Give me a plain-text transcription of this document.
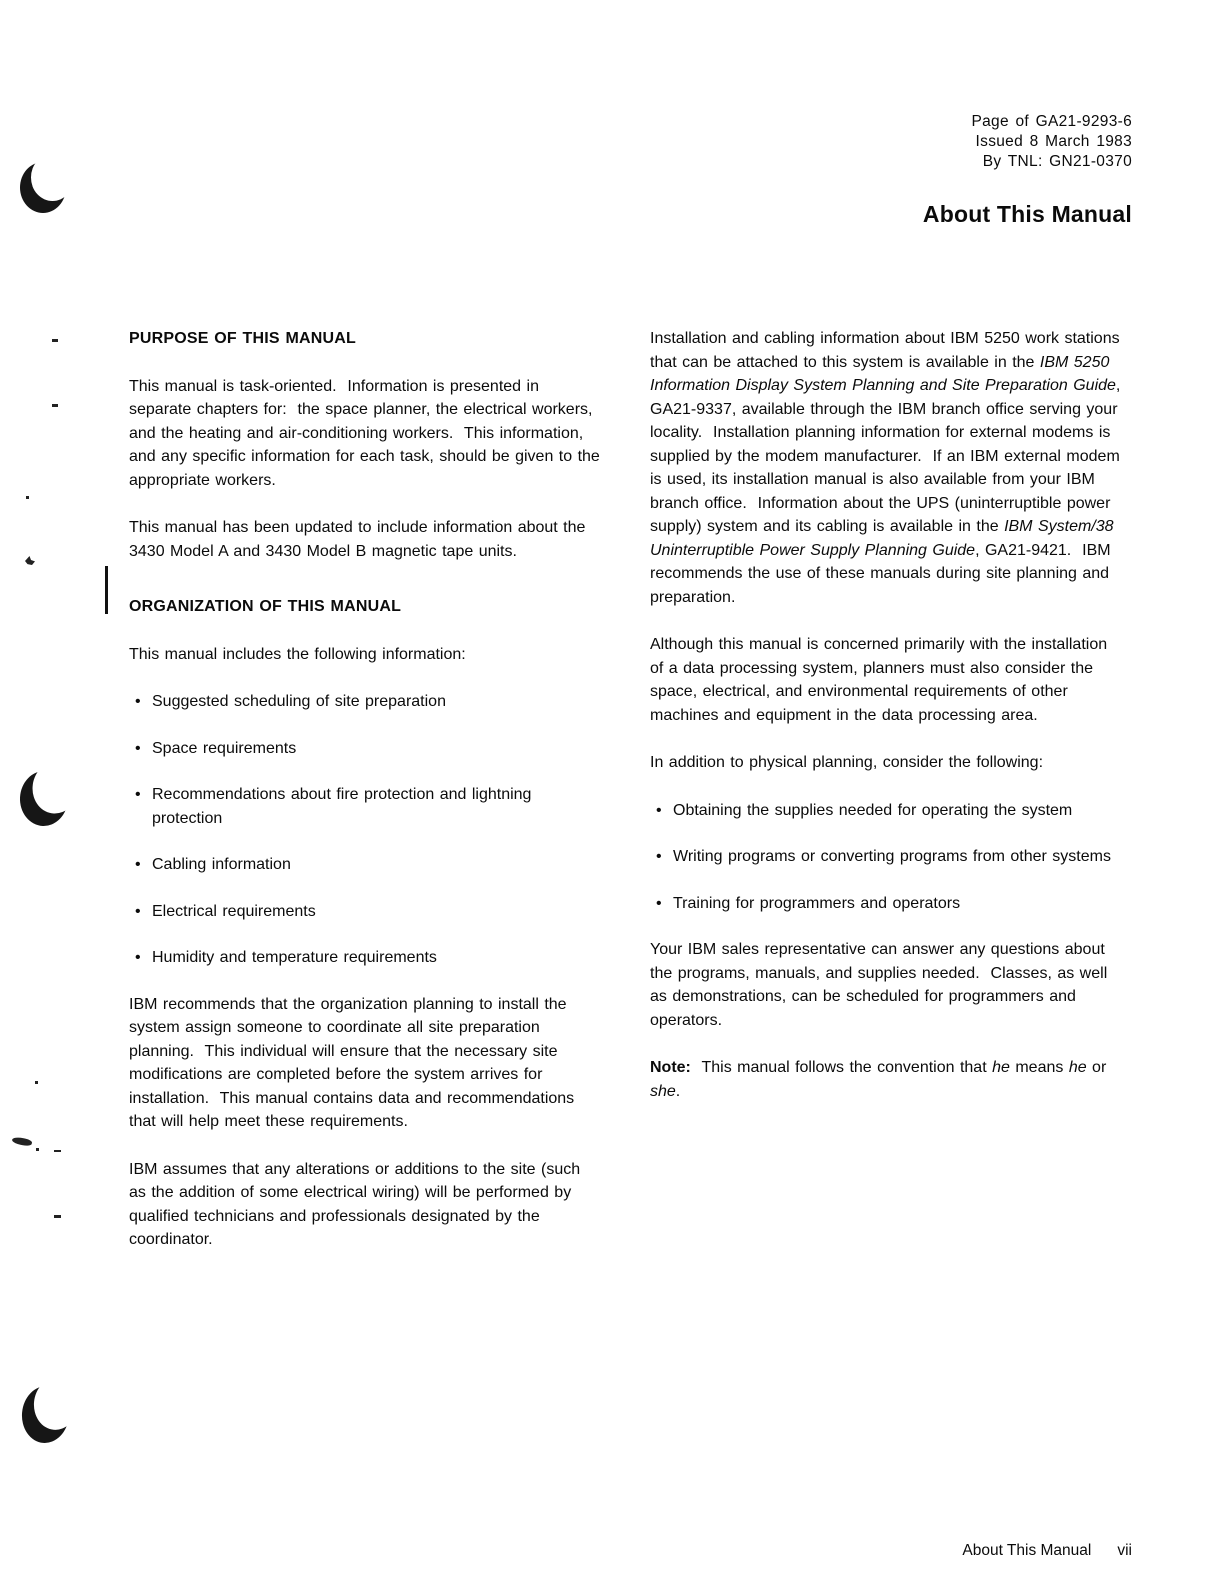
Page of GA21-9293-6
Issued 8 March 1983
By TNL: GN21-0370
About This Manual
PURPOSE OF THIS MANUAL

This manual is task-oriented.  Information is presented in separate chapters for:  the space planner, the electrical workers, and the heating and air-conditioning workers.  This information, and any specific information for each task, should be given to the appropriate workers.

This manual has been updated to include information about the 3430 Model A and 3430 Model B magnetic tape units.

ORGANIZATION OF THIS MANUAL

This manual includes the following information:

• Suggested scheduling of site preparation
• Space requirements
• Recommendations about fire protection and lightning protection
• Cabling information
• Electrical requirements
• Humidity and temperature requirements

IBM recommends that the organization planning to install the system assign someone to coordinate all site preparation planning.  This individual will ensure that the necessary site modifications are completed before the system arrives for installation.  This manual contains data and recommendations that will help meet these requirements.

IBM assumes that any alterations or additions to the site (such as the addition of some electrical wiring) will be performed by qualified technicians and professionals designated by the coordinator.

Installation and cabling information about IBM 5250 work stations that can be attached to this system is available in the IBM 5250 Information Display System Planning and Site Preparation Guide, GA21-9337, available through the IBM branch office serving your locality.  Installation planning information for external modems is supplied by the modem manufacturer.  If an IBM external modem is used, its installation manual is also available from your IBM branch office.  Information about the UPS (uninterruptible power supply) system and its cabling is available in the IBM System/38 Uninterruptible Power Supply Planning Guide, GA21-9421.  IBM recommends the use of these manuals during site planning and preparation.

Although this manual is concerned primarily with the installation of a data processing system, planners must also consider the space, electrical, and environmental requirements of other machines and equipment in the data processing area.

In addition to physical planning, consider the following:

• Obtaining the supplies needed for operating the system
• Writing programs or converting programs from other systems
• Training for programmers and operators

Your IBM sales representative can answer any questions about the programs, manuals, and supplies needed.  Classes, as well as demonstrations, can be scheduled for programmers and operators.

Note:  This manual follows the convention that he means he or she.

About This Manual vii
